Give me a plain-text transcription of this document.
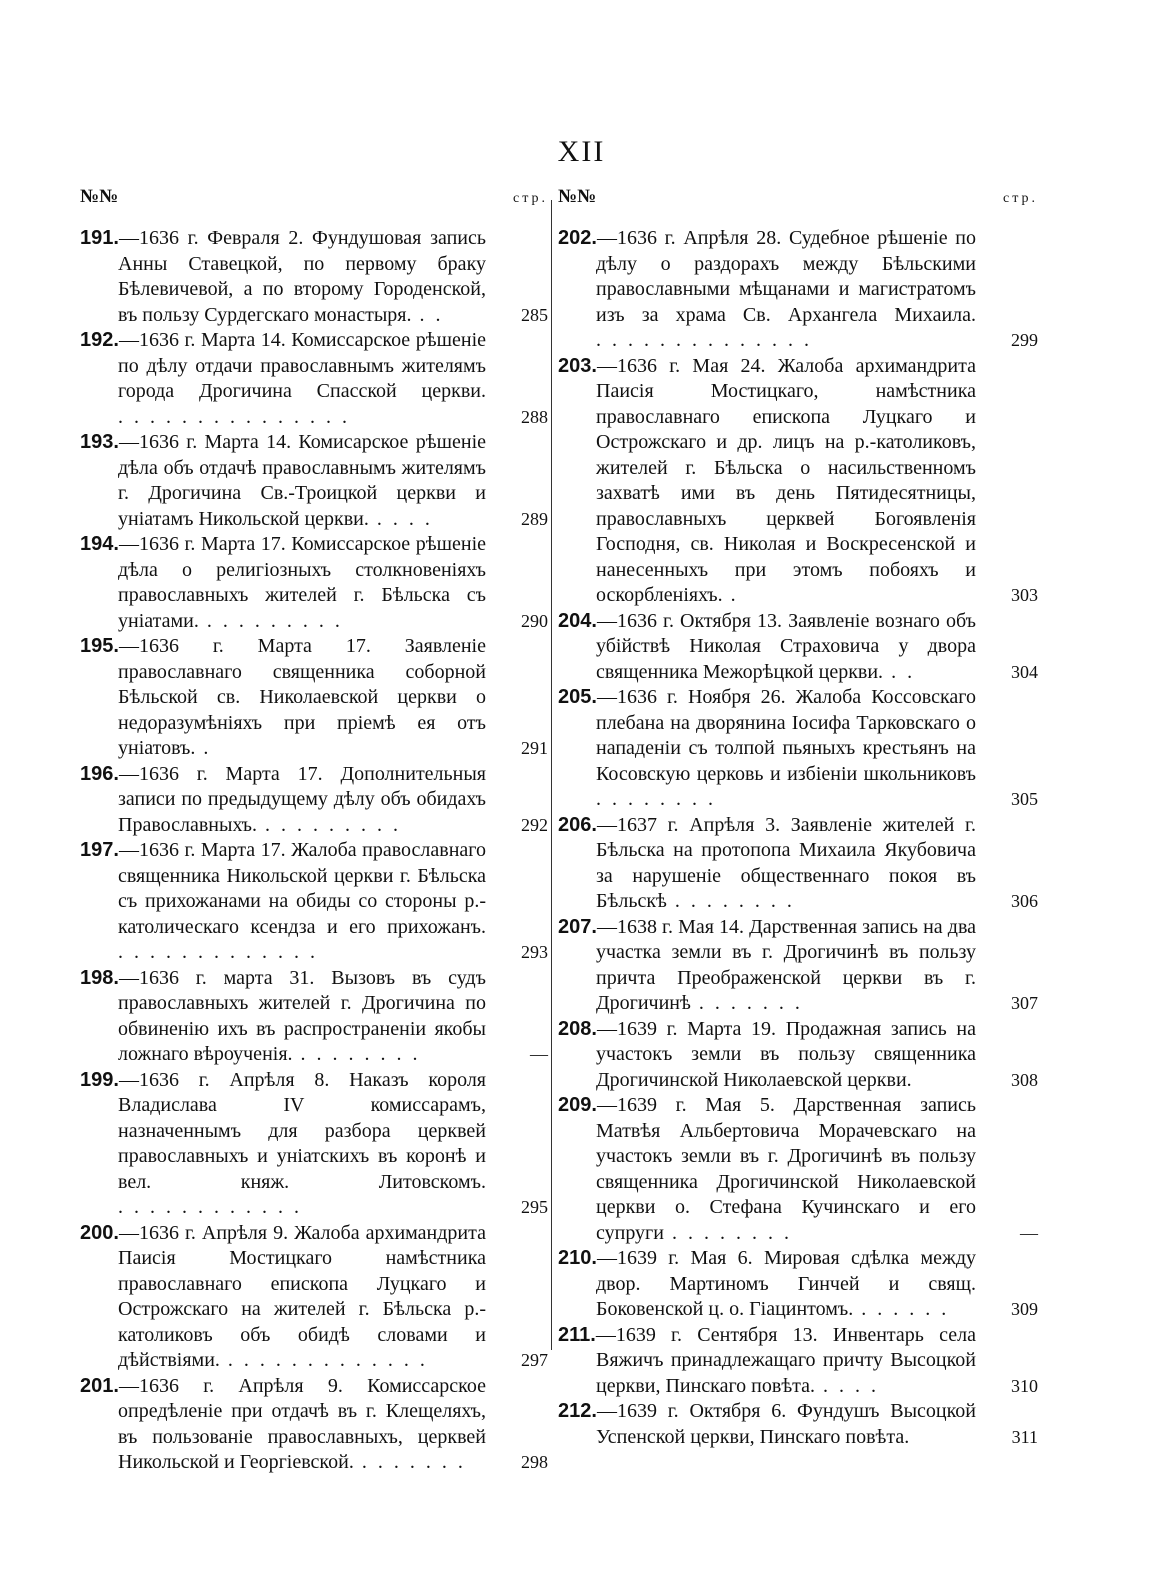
XII
№№	стр.
191.—1636 г. Февраля 2. Фундушовая запись Анны Ставецкой, по первому браку Бѣлевичевой, а по второму Городенской, въ пользу Сурдегскаго монастыря. . .	285
192.—1636 г. Марта 14. Комиссарское рѣшеніе по дѣлу отдачи православнымъ жителямъ города Дрогичина Спасской церкви. . . . . . . . . . . . . . . .	288
193.—1636 г. Марта 14. Комисарское рѣшеніе дѣла объ отдачѣ православнымъ жителямъ г. Дрогичина Св.-Троицкой церкви и уніатамъ Никольской церкви. . . . .	289
194.—1636 г. Марта 17. Комиссарское рѣшеніе дѣла о религіозныхъ столкновеніяхъ православныхъ жителей г. Бѣльска съ уніатами. . . . . . . . . .	290
195.—1636 г. Марта 17. Заявленіе православнаго священника соборной Бѣльской св. Николаевской церкви о недоразумѣніяхъ при пріемѣ ея отъ уніатовъ. .	291
196.—1636 г. Марта 17. Дополнительныя записи по предыдущему дѣлу объ обидахъ Православныхъ. . . . . . . . . .	292
197.—1636 г. Марта 17. Жалоба православнаго священника Никольской церкви г. Бѣльска съ прихожанами на обиды со стороны р.-католическаго ксендза и его прихожанъ. . . . . . . . . . . . . .	293
198.—1636 г. марта 31. Вызовъ въ судъ православныхъ жителей г. Дрогичина по обвиненію ихъ въ распространеніи якобы ложнаго вѣроученія. . . . . . . . .	—
199.—1636 г. Апрѣля 8. Наказъ короля Владислава IV комиссарамъ, назначеннымъ для разбора церквей православныхъ и уніатскихъ въ коронѣ и вел. княж. Литовскомъ. . . . . . . . . . . . .	295
200.—1636 г. Апрѣля 9. Жалоба архимандрита Паисія Мостицкаго намѣстника православнаго епископа Луцкаго и Острожскаго на жителей г. Бѣльска р.-католиковъ объ обидѣ словами и дѣйствіями. . . . . . . . . . . . . .	297
201.—1636 г. Апрѣля 9. Комиссарское опредѣленіе при отдачѣ въ г. Клещеляхъ, въ пользованіе православныхъ, церквей Никольской и Георгіевской. . . . . . . .	298
№№	стр.
202.—1636 г. Апрѣля 28. Судебное рѣшеніе по дѣлу о раздорахъ между Бѣльскими православными мѣщанами и магистратомъ изъ за храма Св. Архангела Михаила. . . . . . . . . . . . . . .	299
203.—1636 г. Мая 24. Жалоба архимандрита Паисія Мостицкаго, намѣстника православнаго епископа Луцкаго и Острожскаго и др. лицъ на р.-католиковъ, жителей г. Бѣльска о насильственномъ захватѣ ими въ день Пятидесятницы, православныхъ церквей Богоявленія Господня, св. Николая и Воскресенской и нанесенныхъ при этомъ побояхъ и оскорбленіяхъ. .	303
204.—1636 г. Октября 13. Заявленіе вознаго объ убійствѣ Николая Страховича у двора священника Межорѣцкой церкви. . .	304
205.—1636 г. Ноября 26. Жалоба Коссовскаго плебана на дворянина Іосифа Тарковскаго о нападеніи съ толпой пьяныхъ крестьянъ на Косовскую церковь и избіеніи школьниковъ . . . . . . . .	305
206.—1637 г. Апрѣля 3. Заявленіе жителей г. Бѣльска на протопопа Михаила Якубовича за нарушеніе общественнаго покоя въ Бѣльскѣ . . . . . . . .	306
207.—1638 г. Мая 14. Дарственная запись на два участка земли въ г. Дрогичинѣ въ пользу причта Преображенской церкви въ г. Дрогичинѣ . . . . . . .	307
208.—1639 г. Марта 19. Продажная запись на участокъ земли въ пользу священника Дрогичинской Николаевской церкви.	308
209.—1639 г. Мая 5. Дарственная запись Матвѣя Альбертовича Морачевскаго на участокъ земли въ г. Дрогичинѣ въ пользу священника Дрогичинской Николаевской церкви о. Стефана Кучинскаго и его супруги . . . . . . . .	—
210.—1639 г. Мая 6. Мировая сдѣлка между двор. Мартиномъ Гинчей и свящ. Боковенской ц. о. Гіацинтомъ. . . . . . .	309
211.—1639 г. Сентября 13. Инвентарь села Вяжичъ принадлежащаго причту Высоцкой церкви, Пинскаго повѣта. . . . .	310
212.—1639 г. Октября 6. Фундушъ Высоцкой Успенской церкви, Пинскаго повѣта.	311
